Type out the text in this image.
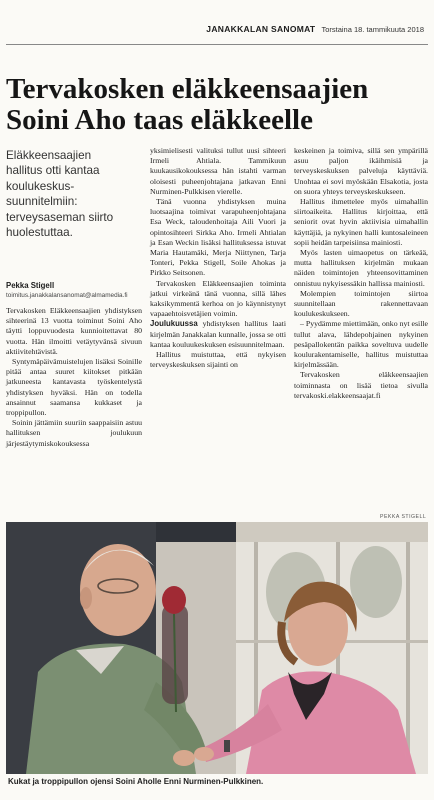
JANAKKALAN SANOMAT Torstaina 18. tammikuuta 2018
Tervakosken eläkkeensaajien
Soini Aho taas eläkkeelle
Eläkkeensaajien hallitus otti kantaa koulukeskus-suunnitelmiin: terveysaseman siirto huolestuttaa.
Pekka Stigell
toimitus.janakkalansanomat@almamedia.fi

Tervakosken Eläkkeensaajien yhdistyksen sihteerinä 13 vuotta toiminut Soini Aho täytti loppuvuodesta kunnioitettavat 80 vuotta. Hän ilmoitti vetäytyvänsä sivuun aktiivitehtävistä.

Syntymäpäivämuistelujen lisäksi Soinille pitää antaa suuret kiitokset pitkään jatkuneesta kantavasta työskentelystä yhdistyksen hyväksi. Hän on todella ansainnut saamansa kukkaset ja troppipullon.

Soinin jättämiin suuriin saappaisiin astuu hallituksen joulukuun järjestäytymiskokouksessa

yksimielisesti valituksi tullut uusi sihteeri Irmeli Ahtiala. Tammikuun kuukausikokouksessa hän istahti varman oloisesti puheenjohtajana jatkavan Enni Nurminen-Pulkkisen vierelle.

Tänä vuonna yhdistyksen muina luotsaajina toimivat varapuheenjohtajana Esa Weck, taloudenhoitaja Aili Vuori ja opintosihteeri Sirkka Aho. Irmeli Ahtialan ja Esan Weckin lisäksi hallituksessa istuvat Maria Hautamäki, Merja Niittynen, Tarja Tonteri, Pekka Stigell, Soile Ahokas ja Pirkko Seitsonen.

Tervakosken Eläkkeensaajien toiminta jatkui virkeänä tänä vuonna, sillä lähes kaksikymmentä kerhoa on jo käynnistynyt vapaaehtoisvetäjien voimin.

Joulukuussa yhdistyksen hallitus laati kirjelmän Janakkalan kunnalle, jossa se otti kantaa kouluukeskuksen esisuunnitelmaan.

Hallitus muistuttaa, että nykyisen terveyskeskuksen sijainti on

keskeinen ja toimiva, sillä sen ympärillä asuu paljon ikäihmisiä ja terveyskeskuksen palveluja käyttäviä. Unohtaa ei sovi myöskään Elsakotia, josta on suora yhteys terveyskeskukseen.

Hallitus ihmettelee myös uimahallin siirtoaikeita. Hallitus kirjoittaa, että seniorit ovat hyvin aktiivisia uimahallin käyttäjiä, ja nykyinen halli kuntosaleineen sopii heidän tarpeisiinsa mainiosti.

Myös lasten uimaopetus on tärkeää, mutta hallituksen kirjelmän mukaan näiden toimintojen yhteensovittaminen onnistuu nykyisessäkin hallissa mainiosti.

Molempien toimintojen siirtoa suunnitellaan rakennettavaan koulukeskukseen.

– Pyydämme miettimään, onko nyt esille tullut alava, lähdepohjainen nykyinen pesäpallokentän paikka soveltuva uudelle koulurakentamiselle, hallitus muistuttaa kirjelmässään.

Tervakosken eläkkeensaajien toiminnasta on lisää tietoa sivulla tervakoski.elakkeensaajat.fi

PEKKA STIGELL
Kukat ja troppipullon ojensi Soini Aholle Enni Nurminen-Pulkkinen.
